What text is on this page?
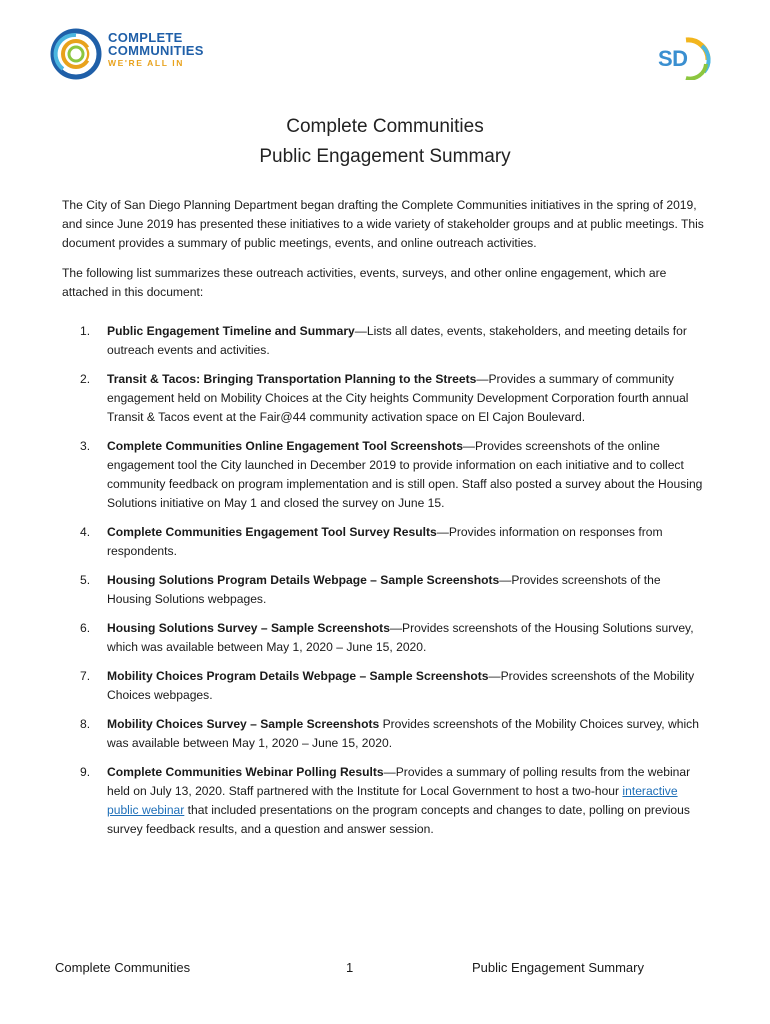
COMPLETE
COMMUNITIES
WE'RE ALL IN	SD
Complete Communities
Public Engagement Summary

The City of San Diego Planning Department began drafting the Complete Communities initiatives in the spring of 2019, and since June 2019 has presented these initiatives to a wide variety of stakeholder groups and at public meetings. This document provides a summary of public meetings, events, and online outreach activities.

The following list summarizes these outreach activities, events, surveys, and other online engagement, which are attached in this document:

1. Public Engagement Timeline and Summary—Lists all dates, events, stakeholders, and meeting details for outreach events and activities.
2. Transit & Tacos: Bringing Transportation Planning to the Streets—Provides a summary of community engagement held on Mobility Choices at the City heights Community Development Corporation fourth annual Transit & Tacos event at the Fair@44 community activation space on El Cajon Boulevard.
3. Complete Communities Online Engagement Tool Screenshots—Provides screenshots of the online engagement tool the City launched in December 2019 to provide information on each initiative and to collect community feedback on program implementation and is still open. Staff also posted a survey about the Housing Solutions initiative on May 1 and closed the survey on June 15.
4. Complete Communities Engagement Tool Survey Results—Provides information on responses from respondents.
5. Housing Solutions Program Details Webpage – Sample Screenshots—Provides screenshots of the Housing Solutions webpages.
6. Housing Solutions Survey – Sample Screenshots—Provides screenshots of the Housing Solutions survey, which was available between May 1, 2020 – June 15, 2020.
7. Mobility Choices Program Details Webpage – Sample Screenshots—Provides screenshots of the Mobility Choices webpages.
8. Mobility Choices Survey – Sample Screenshots Provides screenshots of the Mobility Choices survey, which was available between May 1, 2020 – June 15, 2020.
9. Complete Communities Webinar Polling Results—Provides a summary of polling results from the webinar held on July 13, 2020. Staff partnered with the Institute for Local Government to host a two-hour interactive public webinar that included presentations on the program concepts and changes to date, polling on previous survey feedback results, and a question and answer session.
Complete Communities	1	Public Engagement Summary
